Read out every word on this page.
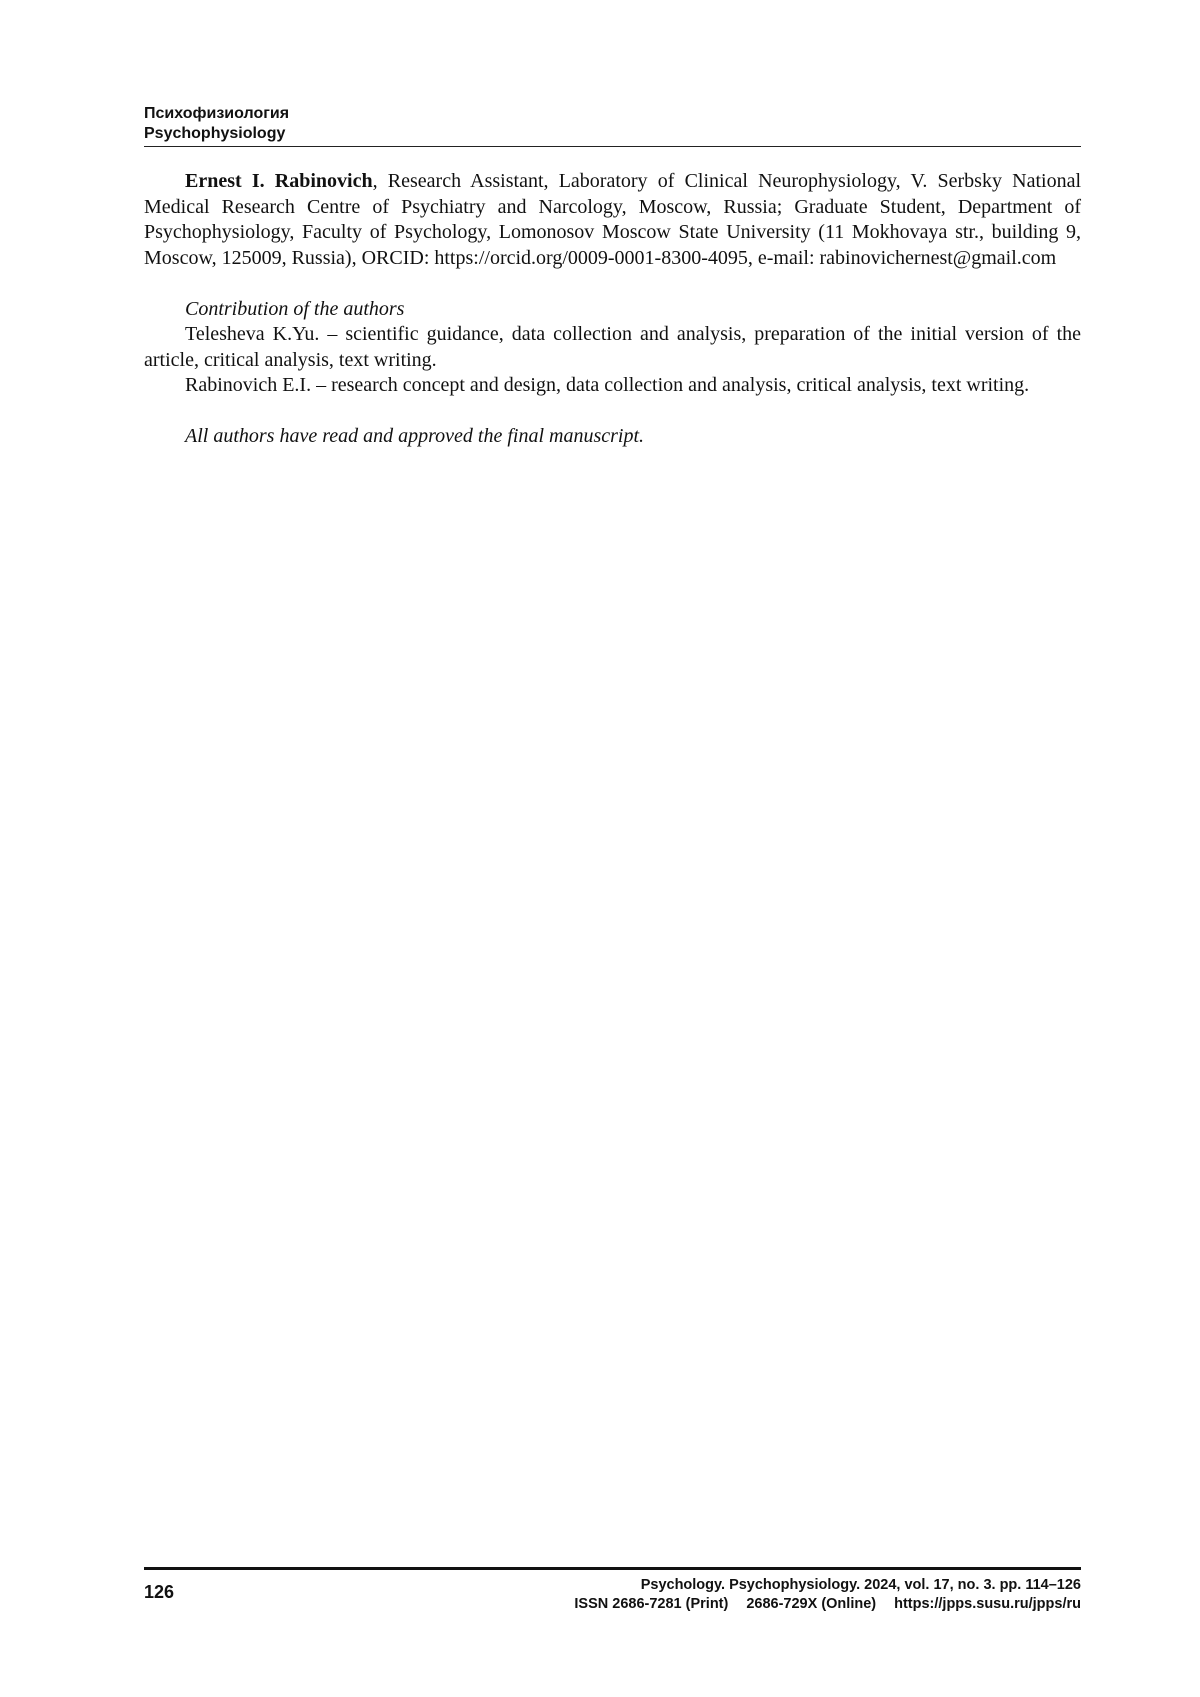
Психофизиология
Psychophysiology

Ernest I. Rabinovich, Research Assistant, Laboratory of Clinical Neurophysiology, V. Serbsky National Medical Research Centre of Psychiatry and Narcology, Moscow, Russia; Graduate Student, Department of Psychophysiology, Faculty of Psychology, Lomonosov Moscow State University (11 Mokhovaya str., building 9, Moscow, 125009, Russia), ORCID: https://orcid.org/0009-0001-8300-4095, e-mail: rabinovichernest@gmail.com

Contribution of the authors

Telesheva K.Yu. – scientific guidance, data collection and analysis, preparation of the initial version of the article, critical analysis, text writing.

Rabinovich E.I. – research concept and design, data collection and analysis, critical analysis, text writing.

All authors have read and approved the final manuscript.

126	Psychology. Psychophysiology. 2024, vol. 17, no. 3. pp. 114–126
ISSN 2686-7281 (Print) 2686-729X (Online) https://jpps.susu.ru/jpps/ru
